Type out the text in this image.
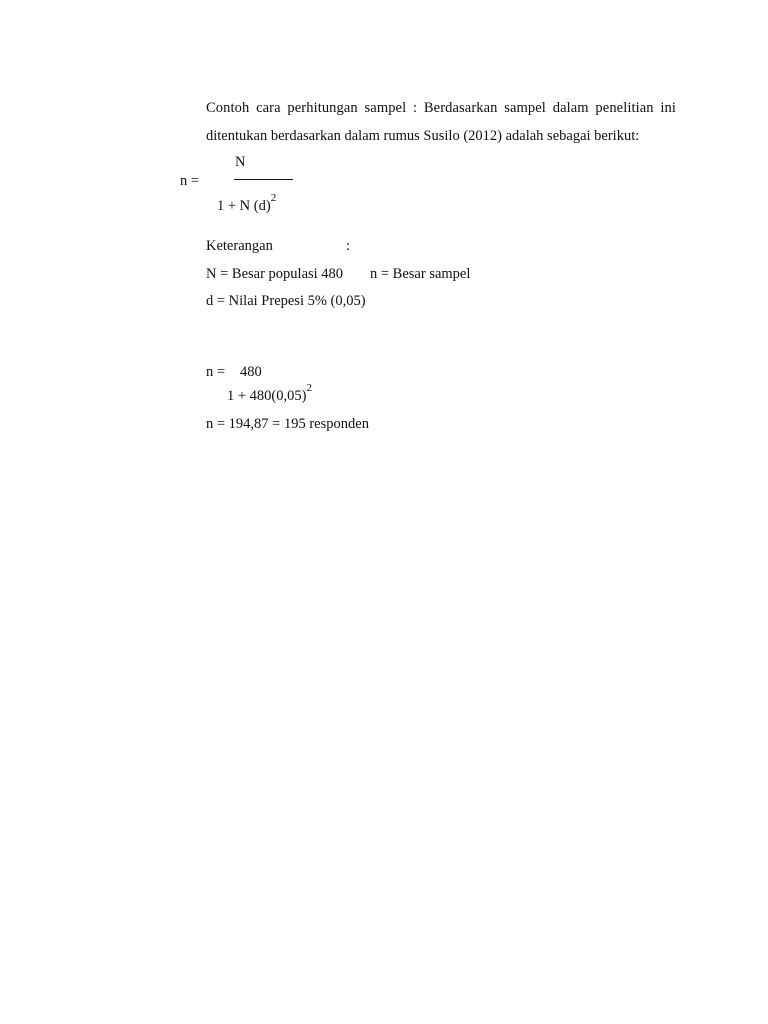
Contoh cara perhitungan sampel : Berdasarkan sampel dalam penelitian ini
ditentukan berdasarkan dalam rumus Susilo (2012) adalah sebagai berikut:
N
n =
1 + N $(d)^2$
Keterangan	:
N = Besar populasi 480 n = Besar sampel
d = Nilai Prepesi 5% (0,05)
n = 480
$1 + 480(0,05)^2$
n = 194,87 = 195 responden
